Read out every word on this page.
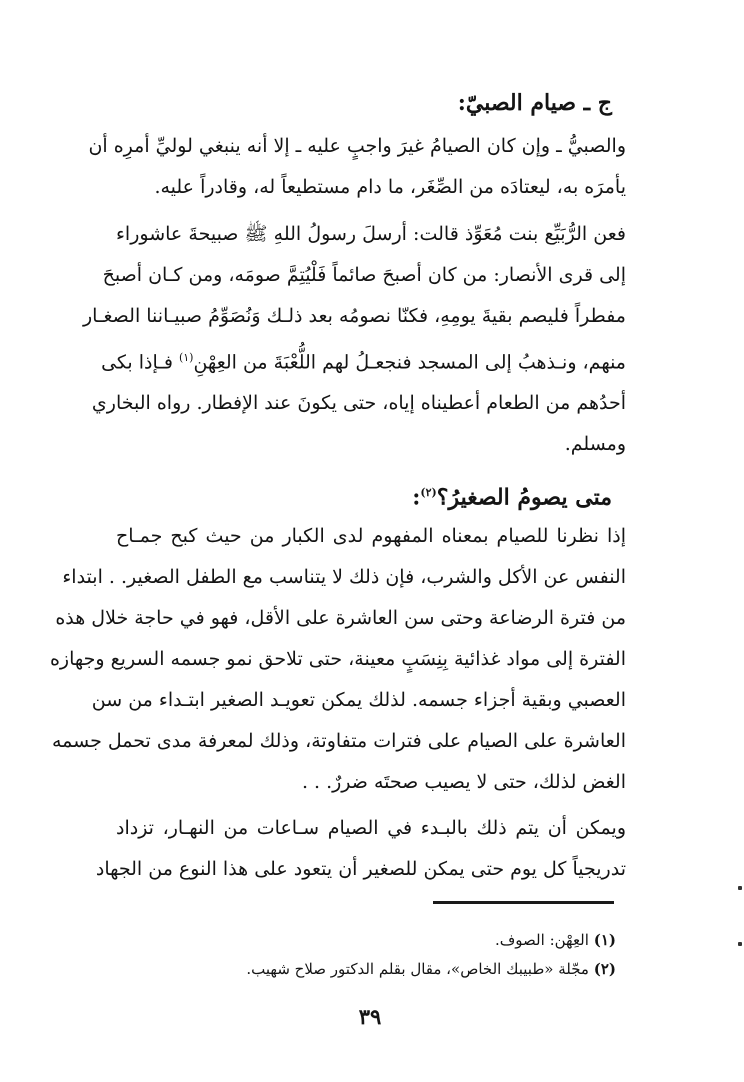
ج ـ صيام الصبيّ:
والصبيُّ ـ وإن كان الصيامُ غيرَ واجبٍ عليه ـ إلا أنه ينبغي لوليِّ أمرِه أن
يأمرَه به، ليعتادَه من الصِّغَر، ما دام مستطيعاً له، وقادراً عليه.
فعن الرُّبَيِّع بنت مُعَوِّذ قالت: أرسلَ رسولُ اللهِ ﷺ صبيحةَ عاشوراء
إلى قرى الأنصار: من كان أصبحَ صائماً فَلْيُتِمَّ صومَه، ومن كـان أصبحَ
مفطراً فليصم بقيةَ يومِهِ، فكنّا نصومُه بعد ذلـك وَنُصَوِّمُ صبيـاننا الصغـار
منهم، ونـذهبُ إلى المسجد فنجعـلُ لهم اللُّعْبَةَ من العِهْنِ$^{(١)}$ فـإذا بكى
أحدُهم من الطعام أعطيناه إياه، حتى يكونَ عند الإفطار. رواه البخاري
ومسلم.
متى يصومُ الصغيرُ؟$^{(٢)}$:
إذا نظرنا للصيام بمعناه المفهوم لدى الكبار من حيث كبح جمـاح
النفس عن الأكل والشرب، فإن ذلك لا يتناسب مع الطفل الصغير. . ابتداء
من فترة الرضاعة وحتى سن العاشرة على الأقل، فهو في حاجة خلال هذه
الفترة إلى مواد غذائية بِنِسَبٍ معينة، حتى تلاحق نمو جسمه السريع وجهازه
العصبي وبقية أجزاء جسمه. لذلك يمكن تعويـد الصغير ابتـداء من سن
العاشرة على الصيام على فترات متفاوتة، وذلك لمعرفة مدى تحمل جسمه
الغض لذلك، حتى لا يصيب صحتَه ضررٌ. . .
ويمكن أن يتم ذلك بالبـدء في الصيام سـاعات من النهـار، تزداد
تدريجياً كل يوم حتى يمكن للصغير أن يتعود على هذا النوع من الجهاد
(١) العِهْن: الصوف.
(٢) مجّلة «طبيبك الخاص»، مقال بقلم الدكتور صلاح شهيب.
٣٩
